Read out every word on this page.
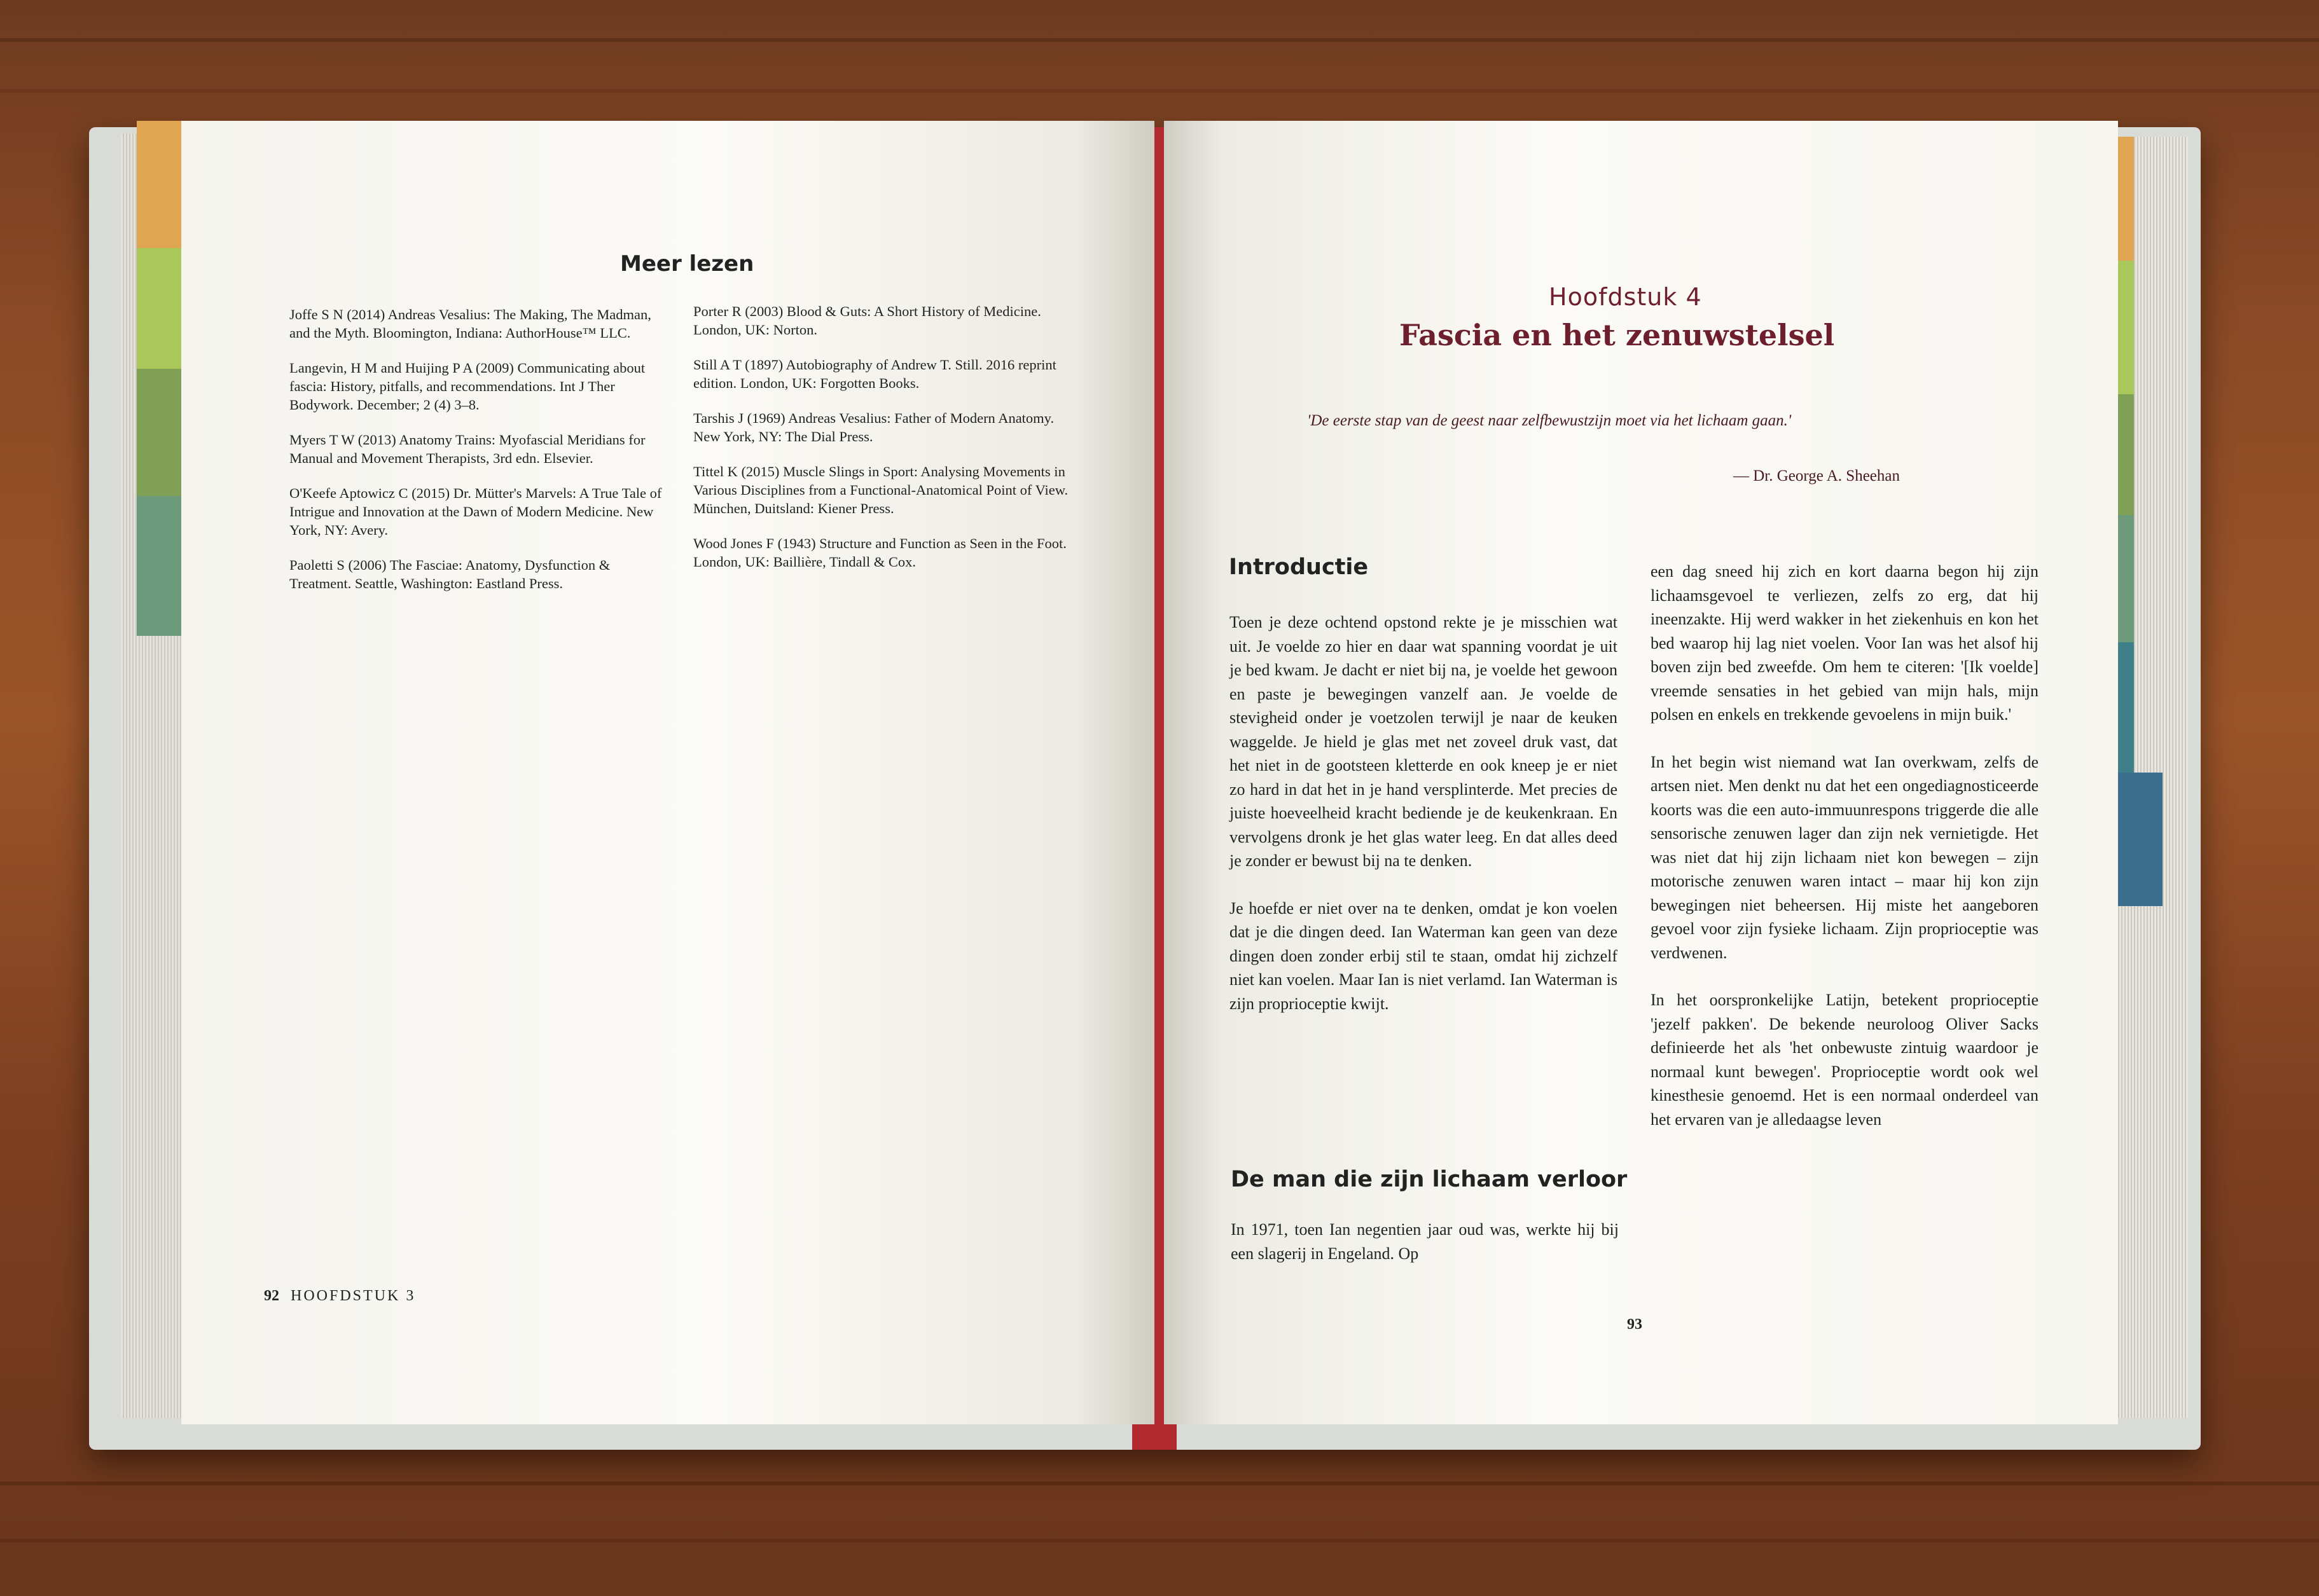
Meer lezen

Joffe S N (2014) Andreas Vesalius: The Making, The Madman, and the Myth. Bloomington, Indiana: AuthorHouse™ LLC.

Langevin, H M and Huijing P A (2009) Communicating about fascia: History, pitfalls, and recommendations. Int J Ther Bodywork. December; 2 (4) 3–8.

Myers T W (2013) Anatomy Trains: Myofascial Meridians for Manual and Movement Therapists, 3rd edn. Elsevier.

O'Keefe Aptowicz C (2015) Dr. Mütter's Marvels: A True Tale of Intrigue and Innovation at the Dawn of Modern Medicine. New York, NY: Avery.

Paoletti S (2006) The Fasciae: Anatomy, Dysfunction & Treatment. Seattle, Washington: Eastland Press.

Porter R (2003) Blood & Guts: A Short History of Medicine. London, UK: Norton.

Still A T (1897) Autobiography of Andrew T. Still. 2016 reprint edition. London, UK: Forgotten Books.

Tarshis J (1969) Andreas Vesalius: Father of Modern Anatomy. New York, NY: The Dial Press.

Tittel K (2015) Muscle Slings in Sport: Analysing Movements in Various Disciplines from a Functional-Anatomical Point of View. München, Duitsland: Kiener Press.

Wood Jones F (1943) Structure and Function as Seen in the Foot. London, UK: Baillière, Tindall & Cox.

92 HOOFDSTUK 3
Hoofdstuk 4
Fascia en het zenuwstelsel
'De eerste stap van de geest naar zelfbewustzijn moet via het lichaam gaan.'
— Dr. George A. Sheehan
Introductie

Toen je deze ochtend opstond rekte je je misschien wat uit. Je voelde zo hier en daar wat spanning voordat je uit je bed kwam. Je dacht er niet bij na, je voelde het gewoon en paste je bewegingen vanzelf aan. Je voelde de stevigheid onder je voetzolen terwijl je naar de keuken waggelde. Je hield je glas met net zoveel druk vast, dat het niet in de gootsteen kletterde en ook kneep je er niet zo hard in dat het in je hand versplinterde. Met precies de juiste hoeveelheid kracht bediende je de keukenkraan. En vervolgens dronk je het glas water leeg. En dat alles deed je zonder er bewust bij na te denken.

Je hoefde er niet over na te denken, omdat je kon voelen dat je die dingen deed. Ian Waterman kan geen van deze dingen doen zonder erbij stil te staan, omdat hij zichzelf niet kan voelen. Maar Ian is niet verlamd. Ian Waterman is zijn proprioceptie kwijt.

De man die zijn lichaam verloor

In 1971, toen Ian negentien jaar oud was, werkte hij bij een slagerij in Engeland. Op

een dag sneed hij zich en kort daarna begon hij zijn lichaamsgevoel te verliezen, zelfs zo erg, dat hij ineenzakte. Hij werd wakker in het ziekenhuis en kon het bed waarop hij lag niet voelen. Voor Ian was het alsof hij boven zijn bed zweefde. Om hem te citeren: '[Ik voelde] vreemde sensaties in het gebied van mijn hals, mijn polsen en enkels en trekkende gevoelens in mijn buik.'

In het begin wist niemand wat Ian overkwam, zelfs de artsen niet. Men denkt nu dat het een ongediagnosticeerde koorts was die een auto-immuunrespons triggerde die alle sensorische zenuwen lager dan zijn nek vernietigde. Het was niet dat hij zijn lichaam niet kon bewegen – zijn motorische zenuwen waren intact – maar hij kon zijn bewegingen niet beheersen. Hij miste het aangeboren gevoel voor zijn fysieke lichaam. Zijn proprioceptie was verdwenen.

In het oorspronkelijke Latijn, betekent proprioceptie 'jezelf pakken'. De bekende neuroloog Oliver Sacks definieerde het als 'het onbewuste zintuig waardoor je normaal kunt bewegen'. Proprioceptie wordt ook wel kinesthesie genoemd. Het is een normaal onderdeel van het ervaren van je alledaagse leven

93
